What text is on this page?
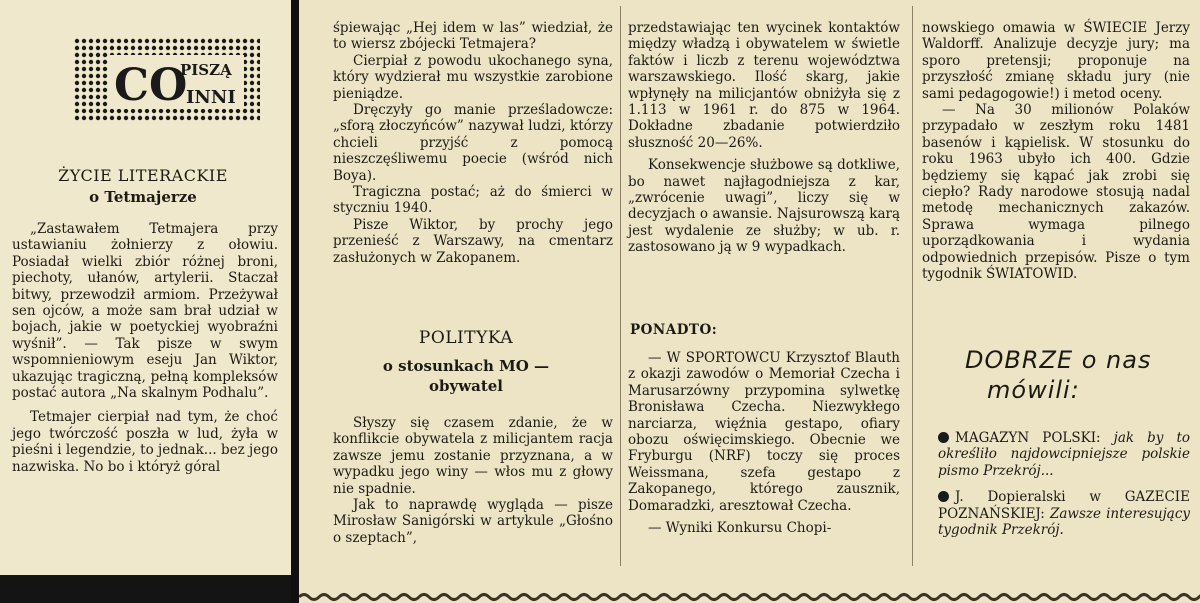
CO
PISZĄ
INNI
ŻYCIE LITERACKIE
o Tetmajerze

„Zastawałem Tetmajera przy ustawianiu żołnierzy z ołowiu. Posiadał wielki zbiór różnej broni, piechoty, ułanów, artylerii. Staczał bitwy, przewodził armiom. Przeżywał sen ojców, a może sam brał udział w bojach, jakie w poetyckiej wyobraźni wyśnił”. — Tak pisze w swym wspomnieniowym eseju Jan Wiktor, ukazując tragiczną, pełną kompleksów postać autora „Na skalnym Podhalu”.

Tetmajer cierpiał nad tym, że choć jego twórczość poszła w lud, żyła w pieśni i legendzie, to jednak... bez jego nazwiska. No bo i któryż góral

śpiewając „Hej idem w las” wiedział, że to wiersz zbójecki Tetmajera?

Cierpiał z powodu ukochanego syna, który wydzierał mu wszystkie zarobione pieniądze.

Dręczyły go manie prześladowcze: „sforą złoczyńców” nazywał ludzi, którzy chcieli przyjść z pomocą nieszczęśliwemu poecie (wśród nich Boya).

Tragiczna postać; aż do śmierci w styczniu 1940.

Pisze Wiktor, by prochy jego przenieść z Warszawy, na cmentarz zasłużonych w Zakopanem.

POLITYKA
o stosunkach MO — obywatel

Słyszy się czasem zdanie, że w konflikcie obywatela z milicjantem racja zawsze jemu zostanie przyznana, a w wypadku jego winy — włos mu z głowy nie spadnie.

Jak to naprawdę wygląda — pisze Mirosław Sanigórski w artykule „Głośno o szeptach”,

przedstawiając ten wycinek kontaktów między władzą i obywatelem w świetle faktów i liczb z terenu województwa warszawskiego. Ilość skarg, jakie wpłynęły na milicjantów obniżyła się z 1.113 w 1961 r. do 875 w 1964. Dokładne zbadanie potwierdziło słuszność 20—26%.

Konsekwencje służbowe są dotkliwe, bo nawet najłagodniejsza z kar, „zwrócenie uwagi”, liczy się w decyzjach o awansie. Najsurowszą karą jest wydalenie ze służby; w ub. r. zastosowano ją w 9 wypadkach.

PONADTO:

— W SPORTOWCU Krzysztof Blauth z okazji zawodów o Memoriał Czecha i Marusarzówny przypomina sylwetkę Bronisława Czecha. Niezwykłego narciarza, więźnia gestapo, ofiary obozu oświęcimskiego. Obecnie we Fryburgu (NRF) toczy się proces Weissmana, szefa gestapo z Zakopanego, którego zausznik, Domaradzki, aresztował Czecha.

— Wyniki Konkursu Chopi-

nowskiego omawia w ŚWIECIE Jerzy Waldorff. Analizuje decyzje jury; ma sporo pretensji; proponuje na przyszłość zmianę składu jury (nie sami pedagogowie!) i metod oceny.

— Na 30 milionów Polaków przypadało w zeszłym roku 1481 basenów i kąpielisk. W stosunku do roku 1963 ubyło ich 400. Gdzie będziemy się kąpać jak zrobi się ciepło? Rady narodowe stosują nadal metodę mechanicznych zakazów. Sprawa wymaga pilnego uporządkowania i wydania odpowiednich przepisów. Pisze o tym tygodnik ŚWIATOWID.

DOBRZE o nas
mówili:

MAGAZYN POLSKI: jak by to określiło najdowcipniejsze polskie pismo Przekrój...

J. Dopieralski w GAZECIE POZNAŃSKIEJ: Zawsze interesujący tygodnik Przekrój.
